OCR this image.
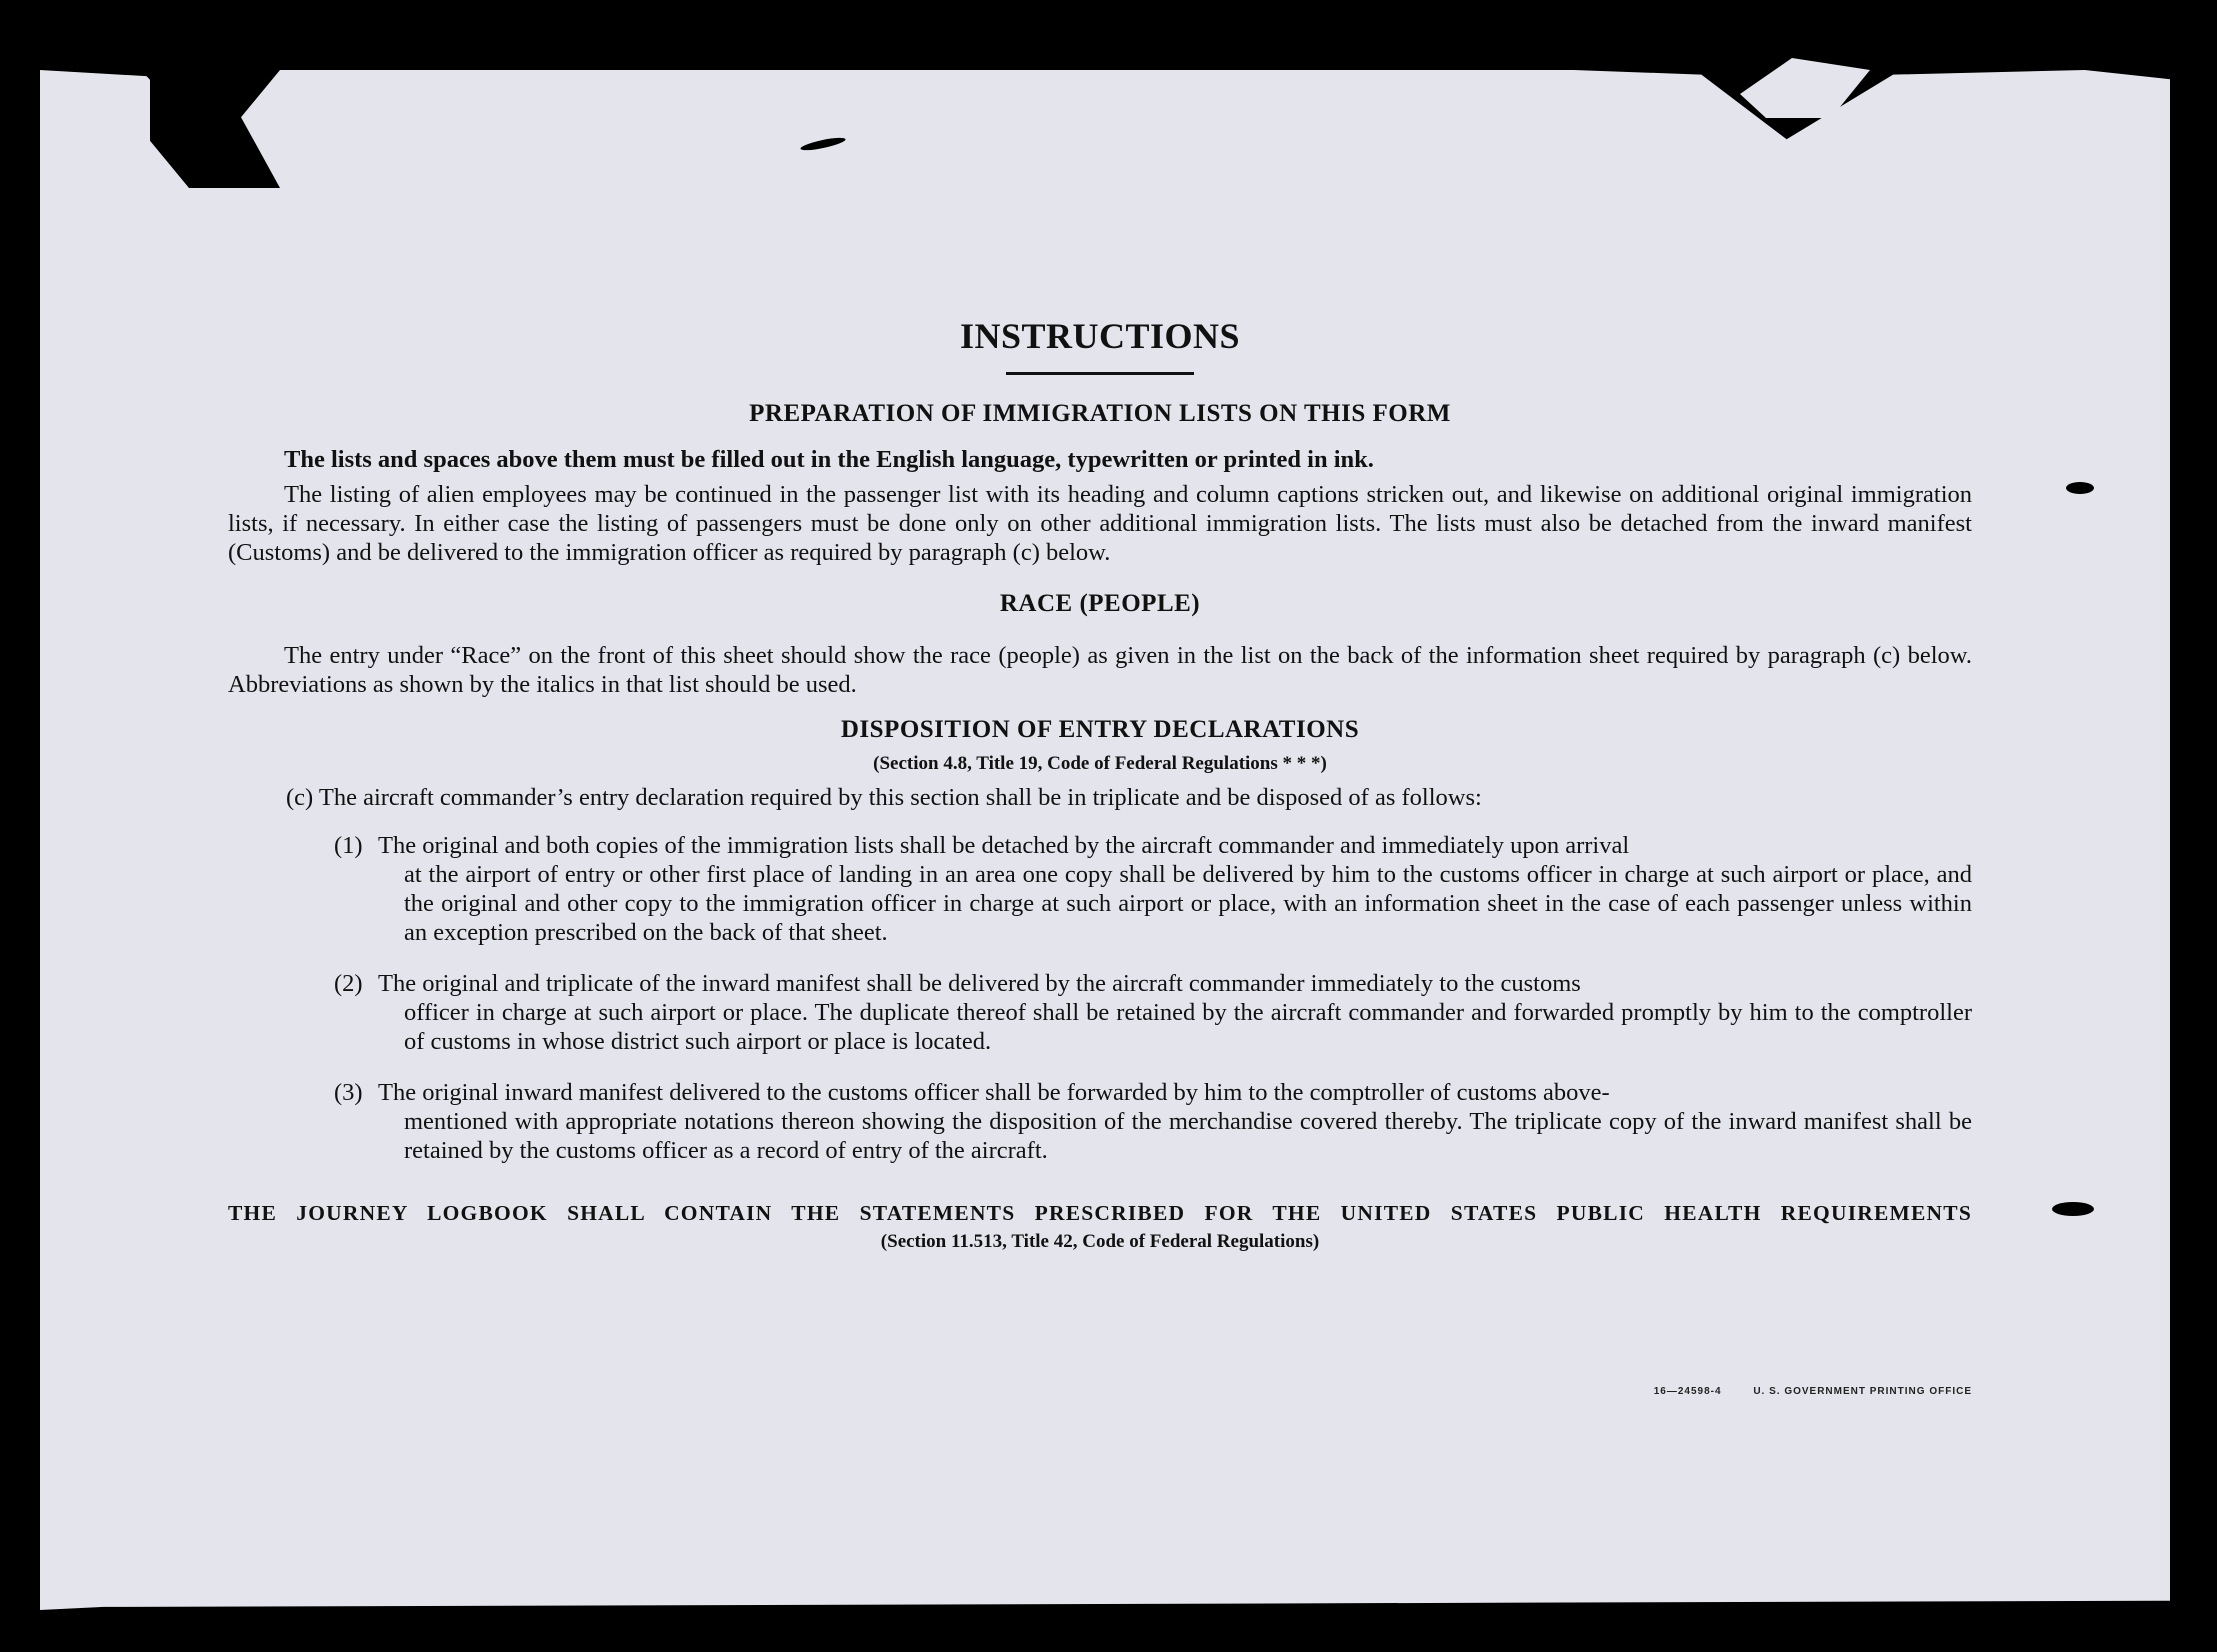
INSTRUCTIONS
PREPARATION OF IMMIGRATION LISTS ON THIS FORM

The lists and spaces above them must be filled out in the English language, typewritten or printed in ink.

The listing of alien employees may be continued in the passenger list with its heading and column captions stricken out, and likewise on additional original immigration lists, if necessary. In either case the listing of passengers must be done only on other additional immigration lists. The lists must also be detached from the inward manifest (Customs) and be delivered to the immigration officer as required by paragraph (c) below.

RACE (PEOPLE)

The entry under “Race” on the front of this sheet should show the race (people) as given in the list on the back of the information sheet required by paragraph (c) below. Abbreviations as shown by the italics in that list should be used.

DISPOSITION OF ENTRY DECLARATIONS

(Section 4.8, Title 19, Code of Federal Regulations * * *)

(c) The aircraft commander’s entry declaration required by this section shall be in triplicate and be disposed of as follows:

(1) The original and both copies of the immigration lists shall be detached by the aircraft commander and immediately upon arrival
at the airport of entry or other first place of landing in an area one copy shall be delivered by him to the customs officer in charge at such airport or place, and the original and other copy to the immigration officer in charge at such airport or place, with an information sheet in the case of each passenger unless within an exception prescribed on the back of that sheet.
(2) The original and triplicate of the inward manifest shall be delivered by the aircraft commander immediately to the customs
officer in charge at such airport or place. The duplicate thereof shall be retained by the aircraft commander and forwarded promptly by him to the comptroller of customs in whose district such airport or place is located.
(3) The original inward manifest delivered to the customs officer shall be forwarded by him to the comptroller of customs above-
mentioned with appropriate notations thereon showing the disposition of the merchandise covered thereby. The triplicate copy of the inward manifest shall be retained by the customs officer as a record of entry of the aircraft.

THE JOURNEY LOGBOOK SHALL CONTAIN THE STATEMENTS PRESCRIBED FOR THE UNITED STATES PUBLIC HEALTH REQUIREMENTS

(Section 11.513, Title 42, Code of Federal Regulations)

16—24598-4	U. S. GOVERNMENT PRINTING OFFICE
